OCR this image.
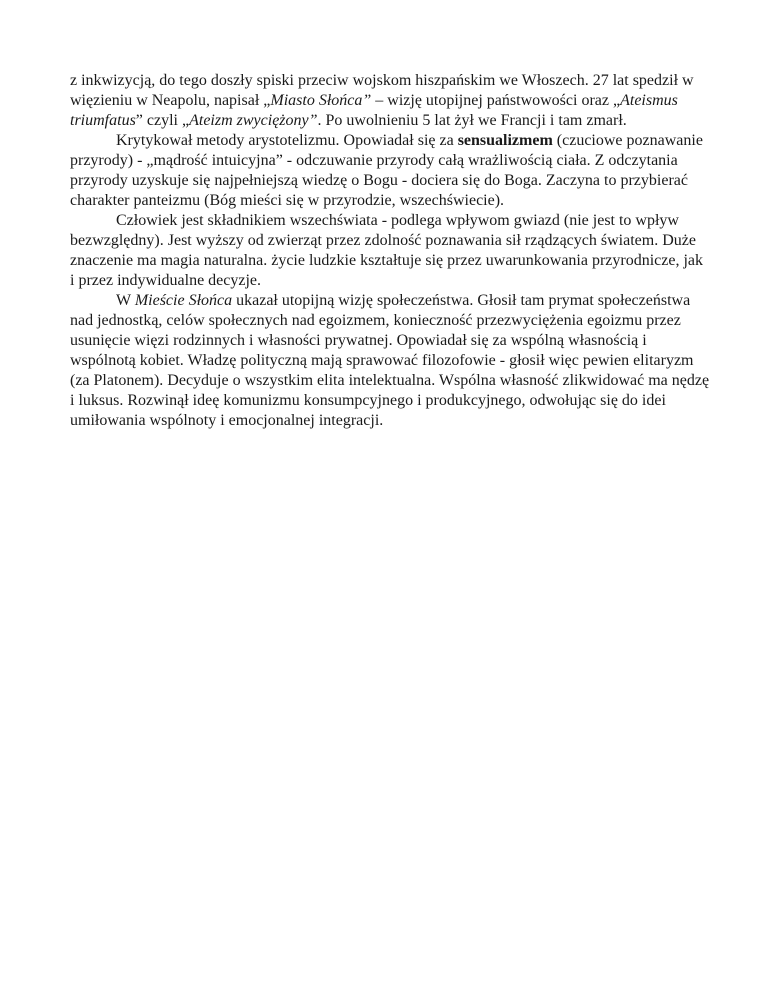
z inkwizycją, do tego doszły spiski przeciw wojskom hiszpańskim we Włoszech. 27 lat spedził w więzieniu w Neapolu, napisał „Miasto Słońca” – wizję utopijnej państwowości oraz „Ateismus triumfatus” czyli „Ateizm zwyciężony”. Po uwolnieniu 5 lat żył we Francji i tam zmarł.

Krytykował metody arystotelizmu. Opowiadał się za sensualizmem (czuciowe poznawanie przyrody) - „mądrość intuicyjna” - odczuwanie przyrody całą wrażliwością ciała. Z odczytania przyrody uzyskuje się najpełniejszą wiedzę o Bogu - dociera się do Boga. Zaczyna to przybierać charakter panteizmu (Bóg mieści się w przyrodzie, wszechświecie).

Człowiek jest składnikiem wszechświata - podlega wpływom gwiazd (nie jest to wpływ bezwzględny). Jest wyższy od zwierząt przez zdolność poznawania sił rządzących światem. Duże znaczenie ma magia naturalna. życie ludzkie kształtuje się przez uwarunkowania przyrodnicze, jak i przez indywidualne decyzje.

W Mieście Słońca ukazał utopijną wizję społeczeństwa. Głosił tam prymat społeczeństwa nad jednostką, celów społecznych nad egoizmem, konieczność przezwyciężenia egoizmu przez usunięcie więzi rodzinnych i własności prywatnej. Opowiadał się za wspólną własnością i wspólnotą kobiet. Władzę polityczną mają sprawować filozofowie - głosił więc pewien elitaryzm (za Platonem). Decyduje o wszystkim elita intelektualna. Wspólna własność zlikwidować ma nędzę i luksus. Rozwinął ideę komunizmu konsumpcyjnego i produkcyjnego, odwołując się do idei umiłowania wspólnoty i emocjonalnej integracji.
